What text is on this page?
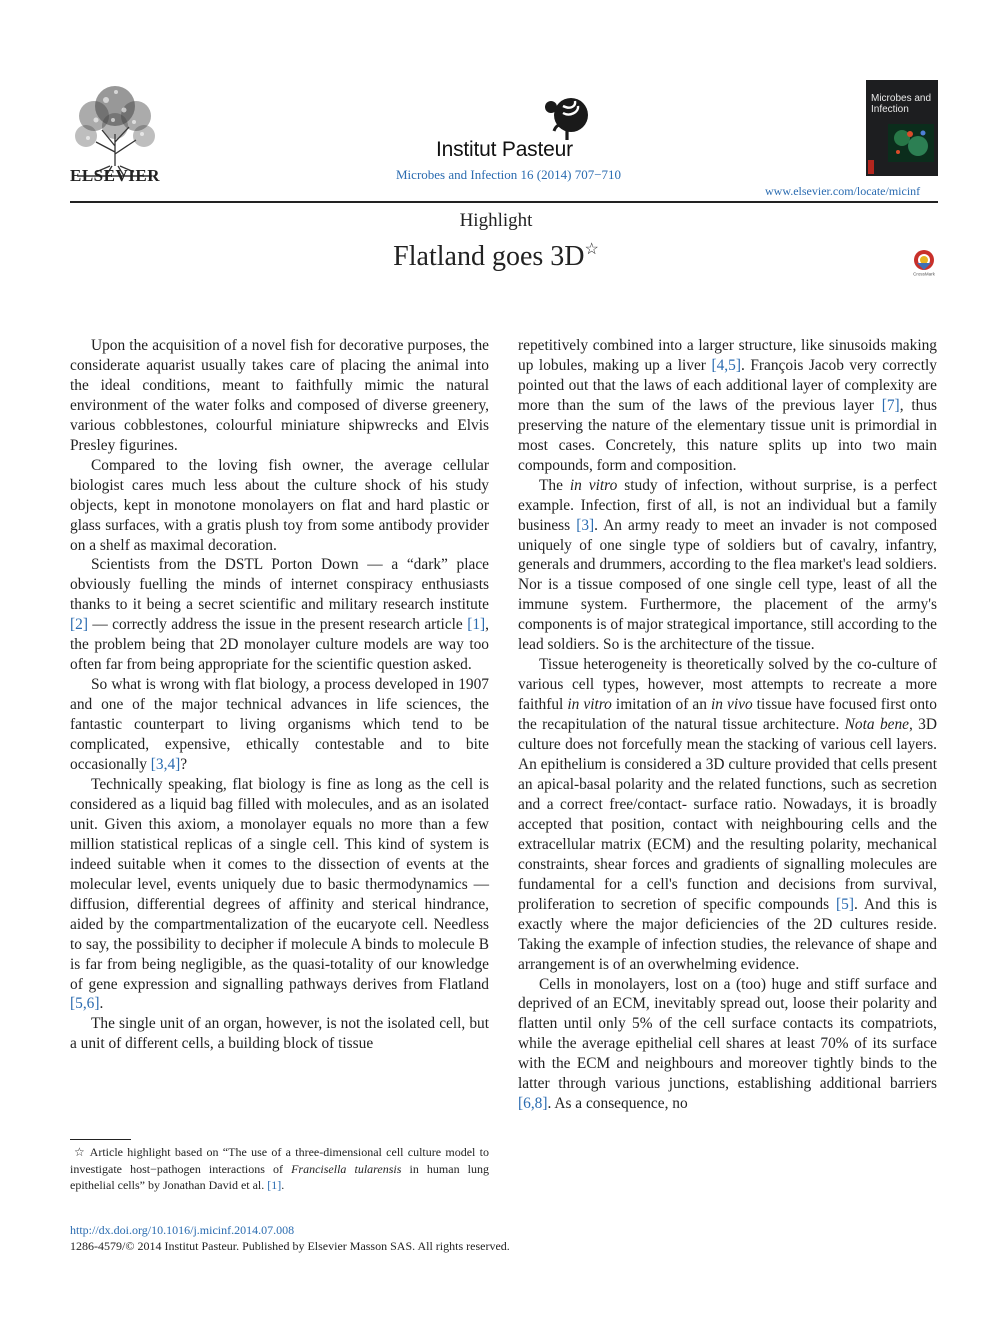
ELSEVIER
Institut Pasteur
Microbes and Infection 16 (2014) 707−710

Microbes and
Infection
www.elsevier.com/locate/micinf
Highlight
Flatland goes 3D☆
CrossMark

Upon the acquisition of a novel fish for decorative purposes, the considerate aquarist usually takes care of placing the animal into the ideal conditions, meant to faithfully mimic the natural environment of the water folks and composed of diverse greenery, various cobblestones, colourful miniature shipwrecks and Elvis Presley figurines.

Compared to the loving fish owner, the average cellular biologist cares much less about the culture shock of his study objects, kept in monotone monolayers on flat and hard plastic or glass surfaces, with a gratis plush toy from some antibody provider on a shelf as maximal decoration.

Scientists from the DSTL Porton Down — a “dark” place obviously fuelling the minds of internet conspiracy enthusiasts thanks to it being a secret scientific and military research institute [2] — correctly address the issue in the present research article [1], the problem being that 2D monolayer culture models are way too often far from being appropriate for the scientific question asked.

So what is wrong with flat biology, a process developed in 1907 and one of the major technical advances in life sciences, the fantastic counterpart to living organisms which tend to be complicated, expensive, ethically contestable and to bite occasionally [3,4]?

Technically speaking, flat biology is fine as long as the cell is considered as a liquid bag filled with molecules, and as an isolated unit. Given this axiom, a monolayer equals no more than a few million statistical replicas of a single cell. This kind of system is indeed suitable when it comes to the dissection of events at the molecular level, events uniquely due to basic thermodynamics — diffusion, differential degrees of affinity and sterical hindrance, aided by the compartmentalization of the eucaryote cell. Needless to say, the possibility to decipher if molecule A binds to molecule B is far from being negligible, as the quasi-totality of our knowledge of gene expression and signalling pathways derives from Flatland [5,6].

The single unit of an organ, however, is not the isolated cell, but a unit of different cells, a building block of tissue

repetitively combined into a larger structure, like sinusoids making up lobules, making up a liver [4,5]. François Jacob very correctly pointed out that the laws of each additional layer of complexity are more than the sum of the laws of the previous layer [7], thus preserving the nature of the elementary tissue unit is primordial in most cases. Concretely, this nature splits up into two main compounds, form and composition.

The in vitro study of infection, without surprise, is a perfect example. Infection, first of all, is not an individual but a family business [3]. An army ready to meet an invader is not composed uniquely of one single type of soldiers but of cavalry, infantry, generals and drummers, according to the flea market's lead soldiers. Nor is a tissue composed of one single cell type, least of all the immune system. Furthermore, the placement of the army's components is of major strategical importance, still according to the lead soldiers. So is the architecture of the tissue.

Tissue heterogeneity is theoretically solved by the co-culture of various cell types, however, most attempts to recreate a more faithful in vitro imitation of an in vivo tissue have focused first onto the recapitulation of the natural tissue architecture. Nota bene, 3D culture does not forcefully mean the stacking of various cell layers. An epithelium is considered a 3D culture provided that cells present an apical-basal polarity and the related functions, such as secretion and a correct free/contact- surface ratio. Nowadays, it is broadly accepted that position, contact with neighbouring cells and the extracellular matrix (ECM) and the resulting polarity, mechanical constraints, shear forces and gradients of signalling molecules are fundamental for a cell's function and decisions from survival, proliferation to secretion of specific compounds [5]. And this is exactly where the major deficiencies of the 2D cultures reside. Taking the example of infection studies, the relevance of shape and arrangement is of an overwhelming evidence.

Cells in monolayers, lost on a (too) huge and stiff surface and deprived of an ECM, inevitably spread out, loose their polarity and flatten until only 5% of the cell surface contacts its compatriots, while the average epithelial cell shares at least 70% of its surface with the ECM and neighbours and moreover tightly binds to the latter through various junctions, establishing additional barriers [6,8]. As a consequence, no

☆ Article highlight based on “The use of a three-dimensional cell culture model to investigate host−pathogen interactions of Francisella tularensis in human lung epithelial cells” by Jonathan David et al. [1].
http://dx.doi.org/10.1016/j.micinf.2014.07.008
1286-4579/© 2014 Institut Pasteur. Published by Elsevier Masson SAS. All rights reserved.
